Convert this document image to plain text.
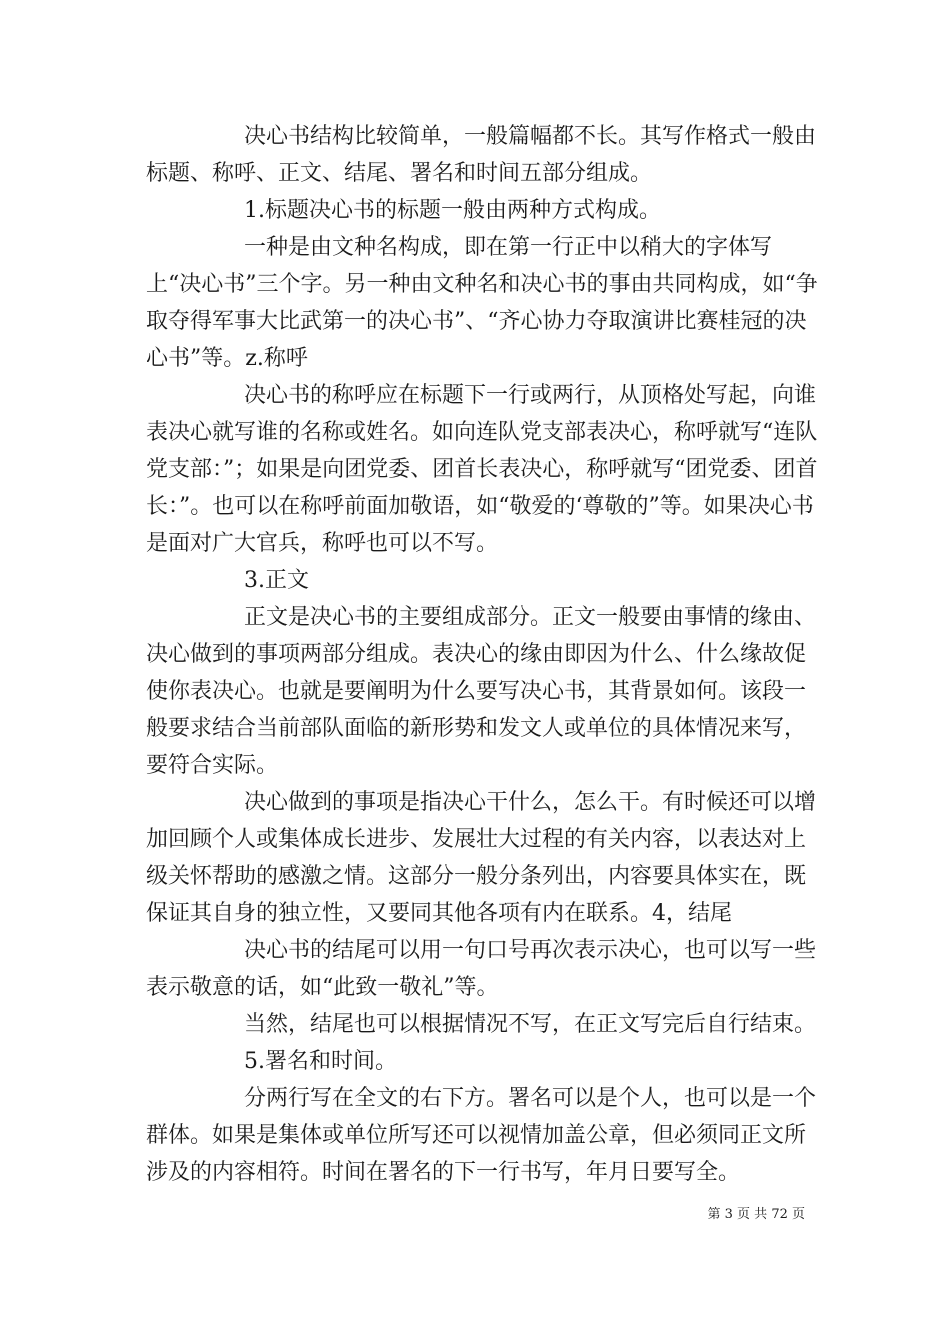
决心书结构比较简单，一般篇幅都不长。其写作格式一般由标题、称呼、正文、结尾、署名和时间五部分组成。

1.标题决心书的标题一般由两种方式构成。

一种是由文种名构成，即在第一行正中以稍大的字体写上“决心书”三个字。另一种由文种名和决心书的事由共同构成，如“争取夺得军事大比武第一的决心书”、“齐心协力夺取演讲比赛桂冠的决心书”等。z.称呼

决心书的称呼应在标题下一行或两行，从顶格处写起，向谁表决心就写谁的名称或姓名。如向连队党支部表决心，称呼就写“连队党支部：”；如果是向团党委、团首长表决心，称呼就写“团党委、团首长：”。也可以在称呼前面加敬语，如“敬爱的‘尊敬的”等。如果决心书是面对广大官兵，称呼也可以不写。

3.正文

正文是决心书的主要组成部分。正文一般要由事情的缘由、决心做到的事项两部分组成。表决心的缘由即因为什么、什么缘故促使你表决心。也就是要阐明为什么要写决心书，其背景如何。该段一般要求结合当前部队面临的新形势和发文人或单位的具体情况来写，要符合实际。

决心做到的事项是指决心干什么，怎么干。有时候还可以增加回顾个人或集体成长进步、发展壮大过程的有关内容，以表达对上级关怀帮助的感激之情。这部分一般分条列出，内容要具体实在，既保证其自身的独立性，又要同其他各项有内在联系。4，结尾

决心书的结尾可以用一句口号再次表示决心，也可以写一些表示敬意的话，如“此致一敬礼”等。

当然，结尾也可以根据情况不写，在正文写完后自行结束。

5.署名和时间。

分两行写在全文的右下方。署名可以是个人，也可以是一个群体。如果是集体或单位所写还可以视情加盖公章，但必须同正文所涉及的内容相符。时间在署名的下一行书写，年月日要写全。

第 3 页 共 72 页
